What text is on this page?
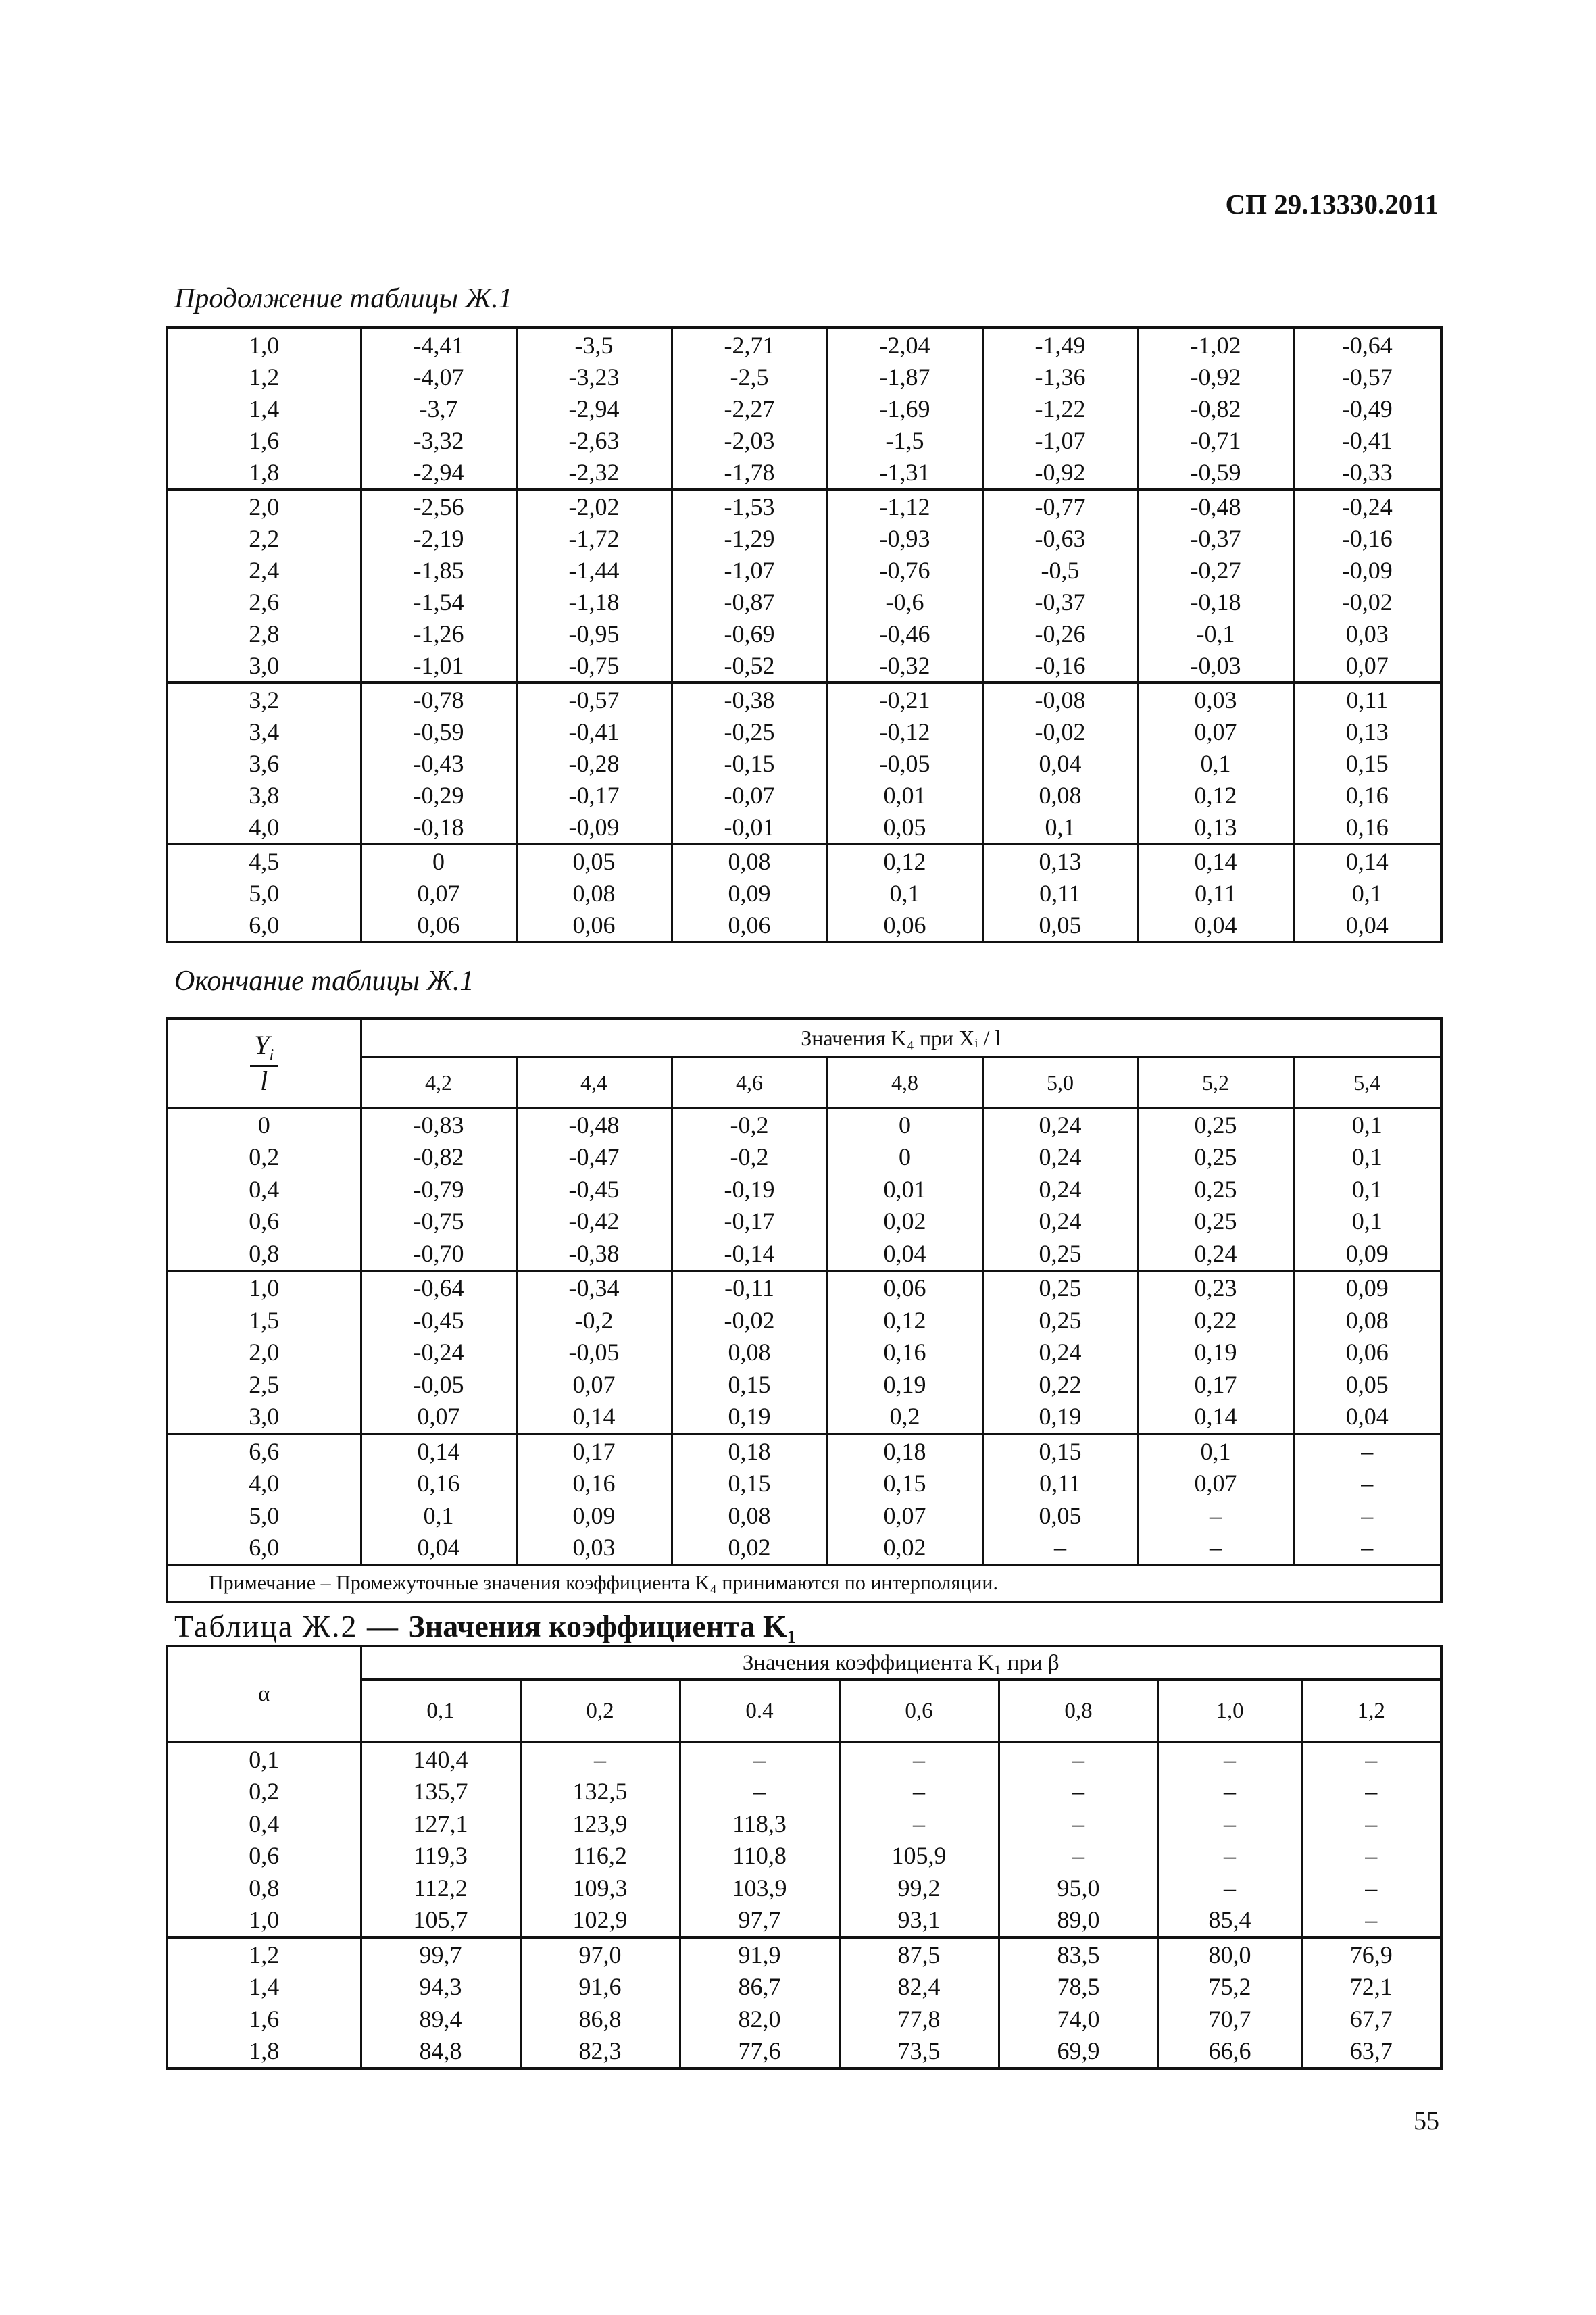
СП 29.13330.2011
Продолжение таблицы Ж.1
1,0	-4,41	-3,5	-2,71	-2,04	-1,49	-1,02	-0,64
1,2	-4,07	-3,23	-2,5	-1,87	-1,36	-0,92	-0,57
1,4	-3,7	-2,94	-2,27	-1,69	-1,22	-0,82	-0,49
1,6	-3,32	-2,63	-2,03	-1,5	-1,07	-0,71	-0,41
1,8	-2,94	-2,32	-1,78	-1,31	-0,92	-0,59	-0,33
2,0	-2,56	-2,02	-1,53	-1,12	-0,77	-0,48	-0,24
2,2	-2,19	-1,72	-1,29	-0,93	-0,63	-0,37	-0,16
2,4	-1,85	-1,44	-1,07	-0,76	-0,5	-0,27	-0,09
2,6	-1,54	-1,18	-0,87	-0,6	-0,37	-0,18	-0,02
2,8	-1,26	-0,95	-0,69	-0,46	-0,26	-0,1	0,03
3,0	-1,01	-0,75	-0,52	-0,32	-0,16	-0,03	0,07
3,2	-0,78	-0,57	-0,38	-0,21	-0,08	0,03	0,11
3,4	-0,59	-0,41	-0,25	-0,12	-0,02	0,07	0,13
3,6	-0,43	-0,28	-0,15	-0,05	0,04	0,1	0,15
3,8	-0,29	-0,17	-0,07	0,01	0,08	0,12	0,16
4,0	-0,18	-0,09	-0,01	0,05	0,1	0,13	0,16
4,5	0	0,05	0,08	0,12	0,13	0,14	0,14
5,0	0,07	0,08	0,09	0,1	0,11	0,11	0,1
6,0	0,06	0,06	0,06	0,06	0,05	0,04	0,04
Окончание таблицы Ж.1
$\frac{Y_i}{l}$	Значения K₄ при Xᵢ / l						
	4,2	4,4	4,6	4,8	5,0	5,2	5,4
0	-0,83	-0,48	-0,2	0	0,24	0,25	0,1
0,2	-0,82	-0,47	-0,2	0	0,24	0,25	0,1
0,4	-0,79	-0,45	-0,19	0,01	0,24	0,25	0,1
0,6	-0,75	-0,42	-0,17	0,02	0,24	0,25	0,1
0,8	-0,70	-0,38	-0,14	0,04	0,25	0,24	0,09
1,0	-0,64	-0,34	-0,11	0,06	0,25	0,23	0,09
1,5	-0,45	-0,2	-0,02	0,12	0,25	0,22	0,08
2,0	-0,24	-0,05	0,08	0,16	0,24	0,19	0,06
2,5	-0,05	0,07	0,15	0,19	0,22	0,17	0,05
3,0	0,07	0,14	0,19	0,2	0,19	0,14	0,04
6,6	0,14	0,17	0,18	0,18	0,15	0,1	–
4,0	0,16	0,16	0,15	0,15	0,11	0,07	–
5,0	0,1	0,09	0,08	0,07	0,05	–	–
6,0	0,04	0,03	0,02	0,02	–	–	–
Примечание – Промежуточные значения коэффициента K₄ принимаются по интерполяции.							
Таблица Ж.2 — Значения коэффициента K₁
α	Значения коэффициента K₁ при β						
	0,1	0,2	0.4	0,6	0,8	1,0	1,2
0,1	140,4	–	–	–	–	–	–
0,2	135,7	132,5	–	–	–	–	–
0,4	127,1	123,9	118,3	–	–	–	–
0,6	119,3	116,2	110,8	105,9	–	–	–
0,8	112,2	109,3	103,9	99,2	95,0	–	–
1,0	105,7	102,9	97,7	93,1	89,0	85,4	–
1,2	99,7	97,0	91,9	87,5	83,5	80,0	76,9
1,4	94,3	91,6	86,7	82,4	78,5	75,2	72,1
1,6	89,4	86,8	82,0	77,8	74,0	70,7	67,7
1,8	84,8	82,3	77,6	73,5	69,9	66,6	63,7
55
